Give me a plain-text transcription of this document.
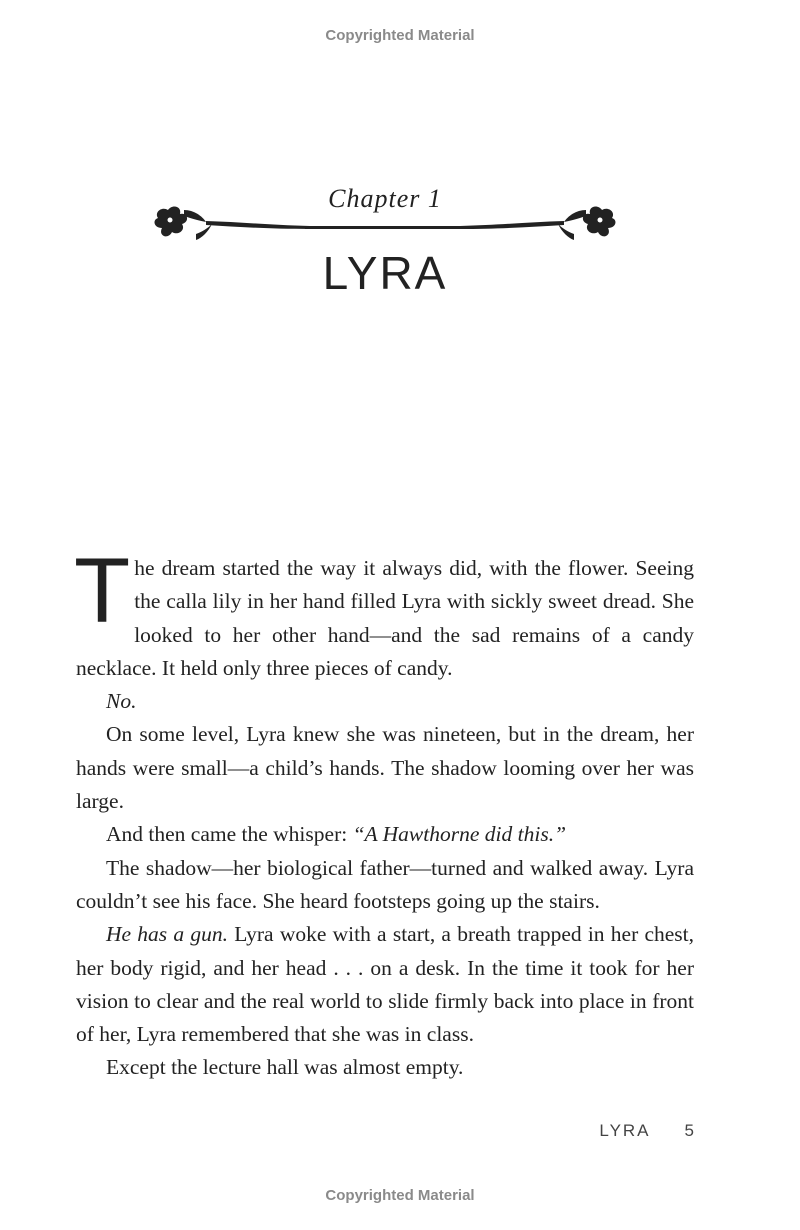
Copyrighted Material
Chapter 1
LYRA

The dream started the way it always did, with the flower. Seeing the calla lily in her hand filled Lyra with sickly sweet dread. She looked to her other hand—and the sad remains of a candy necklace. It held only three pieces of candy.

No.

On some level, Lyra knew she was nineteen, but in the dream, her hands were small—a child’s hands. The shadow looming over her was large.

And then came the whisper: “A Hawthorne did this.”

The shadow—her biological father—turned and walked away. Lyra couldn’t see his face. She heard footsteps going up the stairs.

He has a gun. Lyra woke with a start, a breath trapped in her chest, her body rigid, and her head . . . on a desk. In the time it took for her vision to clear and the real world to slide firmly back into place in front of her, Lyra remembered that she was in class.

Except the lecture hall was almost empty.

LYRA 5
Copyrighted Material
